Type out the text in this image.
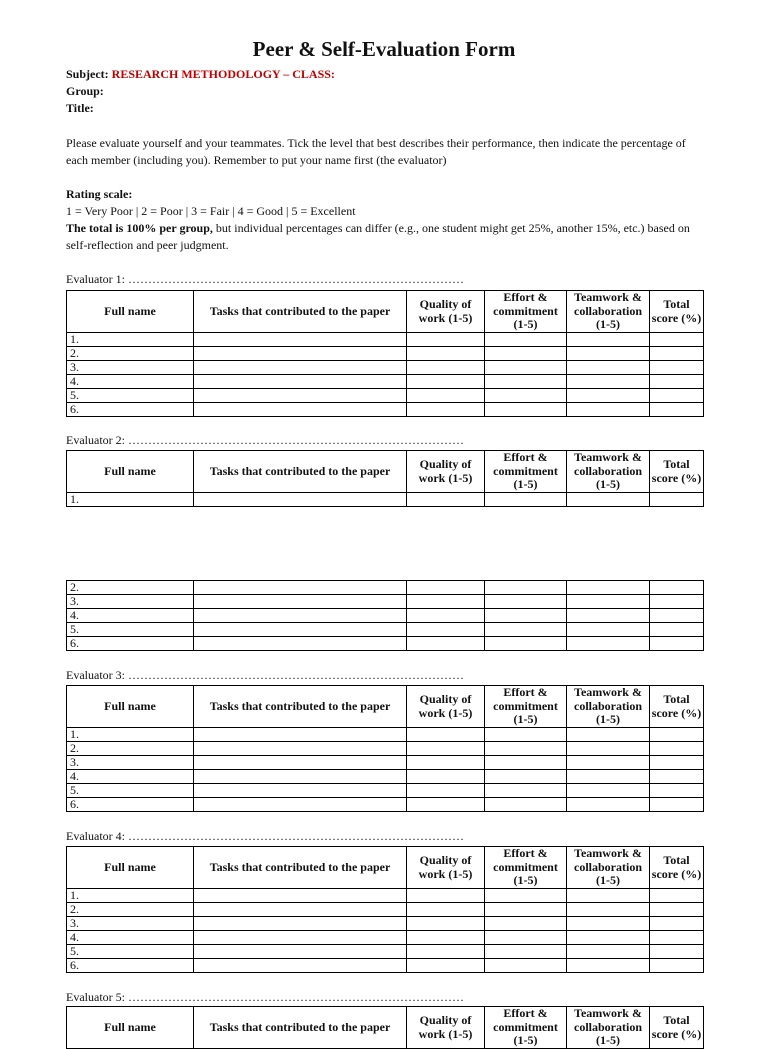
Peer & Self-Evaluation Form
Subject: RESEARCH METHODOLOGY – CLASS:
Group:
Title:
Please evaluate yourself and your teammates. Tick the level that best describes their performance, then indicate the percentage of each member (including you). Remember to put your name first (the evaluator)
Rating scale:
1 = Very Poor | 2 = Poor | 3 = Fair | 4 = Good | 5 = Excellent
The total is 100% per group, but individual percentages can differ (e.g., one student might get 25%, another 15%, etc.) based on self-reflection and peer judgment.
Evaluator 1: …………………………………………………………………………
Full name	Tasks that contributed to the paper	Quality of work (1-5)	Effort & commitment (1-5)	Teamwork & collaboration (1-5)	Total score (%)
1.					
2.					
3.					
4.					
5.					
6.					
Evaluator 2: …………………………………………………………………………
Full name	Tasks that contributed to the paper	Quality of work (1-5)	Effort & commitment (1-5)	Teamwork & collaboration (1-5)	Total score (%)
1.					
2.					
3.					
4.					
5.					
6.					
Evaluator 3: …………………………………………………………………………
Full name	Tasks that contributed to the paper	Quality of work (1-5)	Effort & commitment (1-5)	Teamwork & collaboration (1-5)	Total score (%)
1.					
2.					
3.					
4.					
5.					
6.					
Evaluator 4: …………………………………………………………………………
Full name	Tasks that contributed to the paper	Quality of work (1-5)	Effort & commitment (1-5)	Teamwork & collaboration (1-5)	Total score (%)
1.					
2.					
3.					
4.					
5.					
6.					
Evaluator 5: …………………………………………………………………………
Full name	Tasks that contributed to the paper	Quality of work (1-5)	Effort & commitment (1-5)	Teamwork & collaboration (1-5)	Total score (%)
